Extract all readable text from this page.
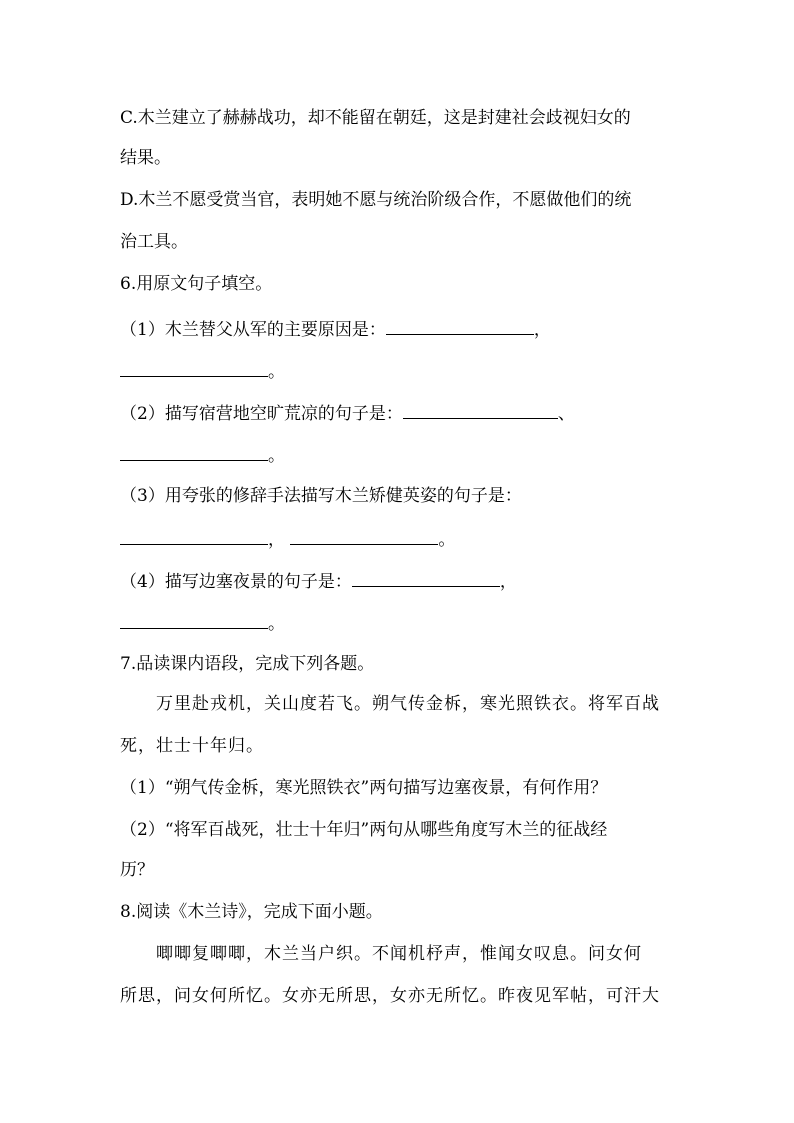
C.木兰建立了赫赫战功，却不能留在朝廷，这是封建社会歧视妇女的
结果。
D.木兰不愿受赏当官，表明她不愿与统治阶级合作，不愿做他们的统
治工具。
6.用原文句子填空。
（1）木兰替父从军的主要原因是：	，
。
（2）描写宿营地空旷荒凉的句子是：	、
。
（3）用夸张的修辞手法描写木兰矫健英姿的句子是：
，	。
（4）描写边塞夜景的句子是：	，
。
7.品读课内语段，完成下列各题。
万里赴戎机，关山度若飞。朔气传金柝，寒光照铁衣。将军百战
死，壮士十年归。
（1）“朔气传金柝，寒光照铁衣”两句描写边塞夜景，有何作用？
（2）“将军百战死，壮士十年归”两句从哪些角度写木兰的征战经
历？
8.阅读《木兰诗》，完成下面小题。
唧唧复唧唧，木兰当户织。不闻机杼声，惟闻女叹息。问女何
所思，问女何所忆。女亦无所思，女亦无所忆。昨夜见军帖，可汗大
